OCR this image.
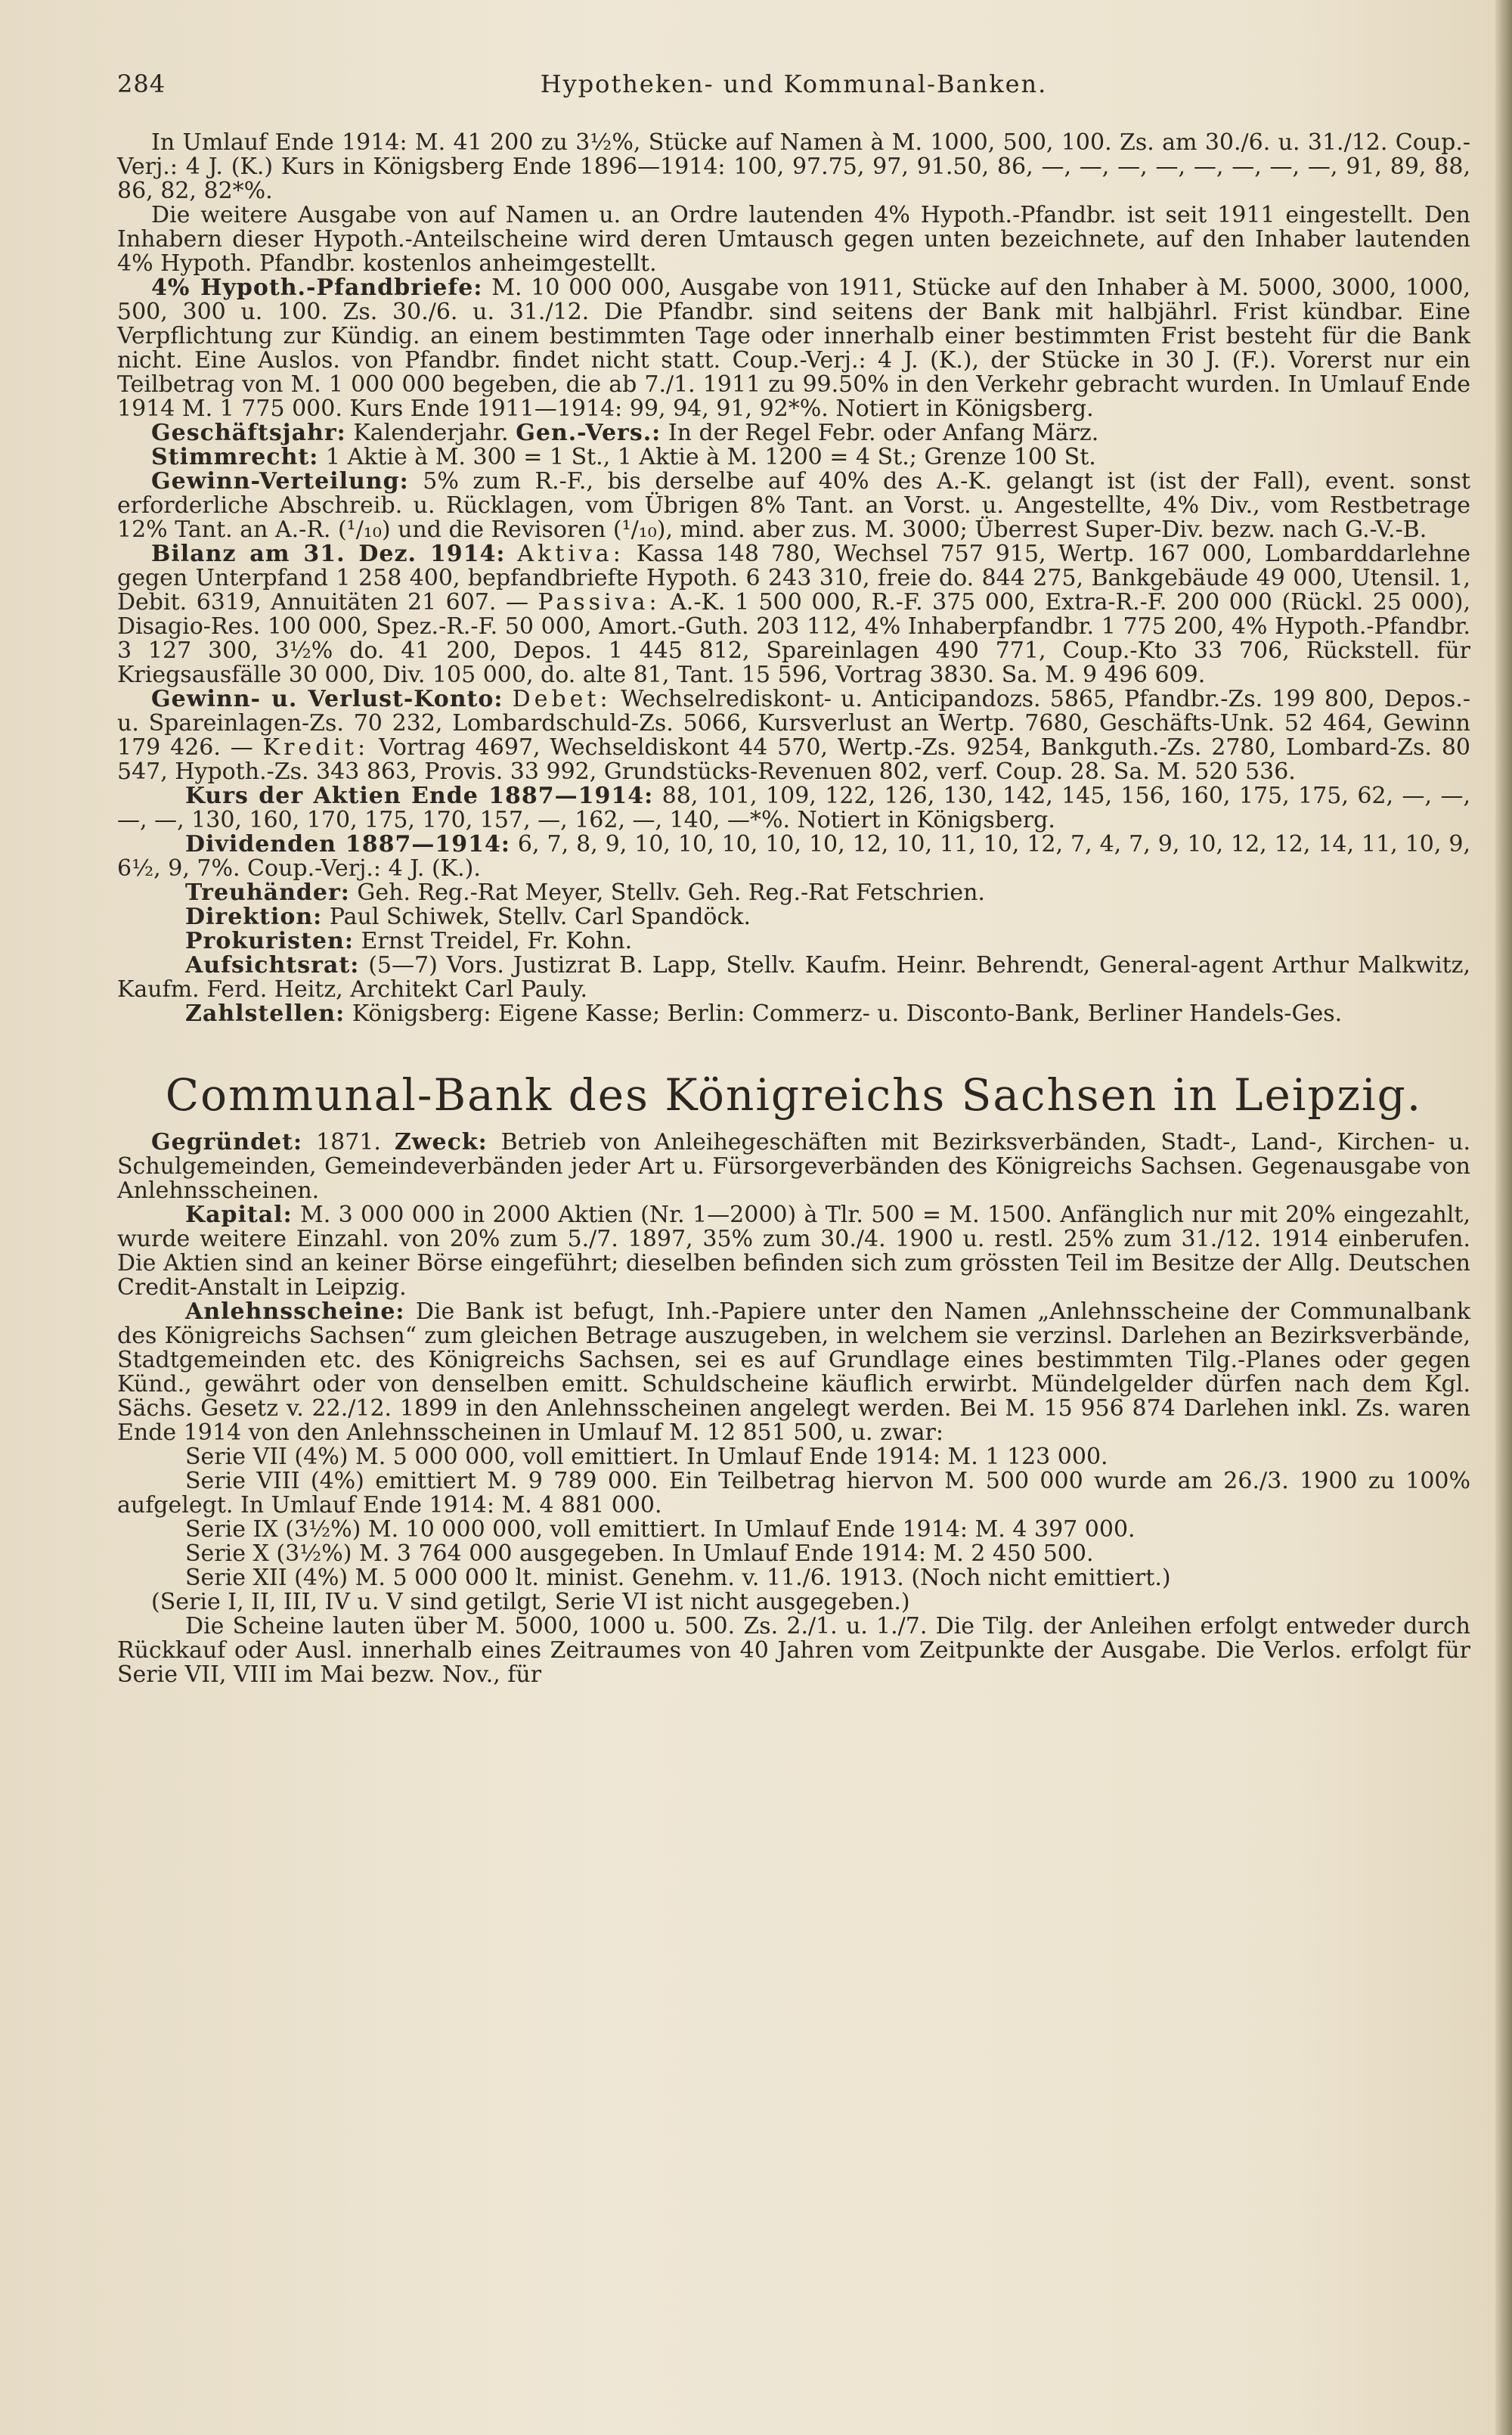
284	Hypotheken- und Kommunal-Banken.

In Umlauf Ende 1914: M. 41 200 zu 3½%, Stücke auf Namen à M. 1000, 500, 100. Zs. am 30./6. u. 31./12. Coup.-Verj.: 4 J. (K.) Kurs in Königsberg Ende 1896—1914: 100, 97.75, 97, 91.50, 86, —, —, —, —, —, —, —, —, 91, 89, 88, 86, 82, 82*%.

Die weitere Ausgabe von auf Namen u. an Ordre lautenden 4% Hypoth.-Pfandbr. ist seit 1911 eingestellt. Den Inhabern dieser Hypoth.-Anteilscheine wird deren Umtausch gegen unten bezeichnete, auf den Inhaber lautenden 4% Hypoth. Pfandbr. kostenlos anheimgestellt.

4% Hypoth.-Pfandbriefe: M. 10 000 000, Ausgabe von 1911, Stücke auf den Inhaber à M. 5000, 3000, 1000, 500, 300 u. 100. Zs. 30./6. u. 31./12. Die Pfandbr. sind seitens der Bank mit halbjährl. Frist kündbar. Eine Verpflichtung zur Kündig. an einem bestimmten Tage oder innerhalb einer bestimmten Frist besteht für die Bank nicht. Eine Auslos. von Pfandbr. findet nicht statt. Coup.-Verj.: 4 J. (K.), der Stücke in 30 J. (F.). Vorerst nur ein Teilbetrag von M. 1 000 000 begeben, die ab 7./1. 1911 zu 99.50% in den Verkehr gebracht wurden. In Umlauf Ende 1914 M. 1 775 000. Kurs Ende 1911—1914: 99, 94, 91, 92*%. Notiert in Königsberg.

Geschäftsjahr: Kalenderjahr. Gen.-Vers.: In der Regel Febr. oder Anfang März.

Stimmrecht: 1 Aktie à M. 300 = 1 St., 1 Aktie à M. 1200 = 4 St.; Grenze 100 St.

Gewinn-Verteilung: 5% zum R.-F., bis derselbe auf 40% des A.-K. gelangt ist (ist der Fall), event. sonst erforderliche Abschreib. u. Rücklagen, vom Übrigen 8% Tant. an Vorst. u. Angestellte, 4% Div., vom Restbetrage 12% Tant. an A.-R. (¹/₁₀) und die Revisoren (¹/₁₀), mind. aber zus. M. 3000; Überrest Super-Div. bezw. nach G.-V.-B.

Bilanz am 31. Dez. 1914: Aktiva: Kassa 148 780, Wechsel 757 915, Wertp. 167 000, Lombarddarlehne gegen Unterpfand 1 258 400, bepfandbriefte Hypoth. 6 243 310, freie do. 844 275, Bankgebäude 49 000, Utensil. 1, Debit. 6319, Annuitäten 21 607. — Passiva: A.-K. 1 500 000, R.-F. 375 000, Extra-R.-F. 200 000 (Rückl. 25 000), Disagio-Res. 100 000, Spez.-R.-F. 50 000, Amort.-Guth. 203 112, 4% Inhaberpfandbr. 1 775 200, 4% Hypoth.-Pfandbr. 3 127 300, 3½% do. 41 200, Depos. 1 445 812, Spareinlagen 490 771, Coup.-Kto 33 706, Rückstell. für Kriegsausfälle 30 000, Div. 105 000, do. alte 81, Tant. 15 596, Vortrag 3830. Sa. M. 9 496 609.

Gewinn- u. Verlust-Konto: Debet: Wechselrediskont- u. Anticipandozs. 5865, Pfandbr.-Zs. 199 800, Depos.- u. Spareinlagen-Zs. 70 232, Lombardschuld-Zs. 5066, Kursverlust an Wertp. 7680, Geschäfts-Unk. 52 464, Gewinn 179 426. — Kredit: Vortrag 4697, Wechseldiskont 44 570, Wertp.-Zs. 9254, Bankguth.-Zs. 2780, Lombard-Zs. 80 547, Hypoth.-Zs. 343 863, Provis. 33 992, Grundstücks-Revenuen 802, verf. Coup. 28. Sa. M. 520 536.

Kurs der Aktien Ende 1887—1914: 88, 101, 109, 122, 126, 130, 142, 145, 156, 160, 175, 175, 62, —, —, —, —, 130, 160, 170, 175, 170, 157, —, 162, —, 140, —*%. Notiert in Königsberg.

Dividenden 1887—1914: 6, 7, 8, 9, 10, 10, 10, 10, 10, 12, 10, 11, 10, 12, 7, 4, 7, 9, 10, 12, 12, 14, 11, 10, 9, 6½, 9, 7%. Coup.-Verj.: 4 J. (K.).

Treuhänder: Geh. Reg.-Rat Meyer, Stellv. Geh. Reg.-Rat Fetschrien.

Direktion: Paul Schiwek, Stellv. Carl Spandöck.

Prokuristen: Ernst Treidel, Fr. Kohn.

Aufsichtsrat: (5—7) Vors. Justizrat B. Lapp, Stellv. Kaufm. Heinr. Behrendt, General-agent Arthur Malkwitz, Kaufm. Ferd. Heitz, Architekt Carl Pauly.

Zahlstellen: Königsberg: Eigene Kasse; Berlin: Commerz- u. Disconto-Bank, Berliner Handels-Ges.

Communal-Bank des Königreichs Sachsen in Leipzig.

Gegründet: 1871. Zweck: Betrieb von Anleihegeschäften mit Bezirksverbänden, Stadt-, Land-, Kirchen- u. Schulgemeinden, Gemeindeverbänden jeder Art u. Fürsorgeverbänden des Königreichs Sachsen. Gegenausgabe von Anlehnsscheinen.

Kapital: M. 3 000 000 in 2000 Aktien (Nr. 1—2000) à Tlr. 500 = M. 1500. Anfänglich nur mit 20% eingezahlt, wurde weitere Einzahl. von 20% zum 5./7. 1897, 35% zum 30./4. 1900 u. restl. 25% zum 31./12. 1914 einberufen. Die Aktien sind an keiner Börse eingeführt; dieselben befinden sich zum grössten Teil im Besitze der Allg. Deutschen Credit-Anstalt in Leipzig.

Anlehnsscheine: Die Bank ist befugt, Inh.-Papiere unter den Namen „Anlehnsscheine der Communalbank des Königreichs Sachsen“ zum gleichen Betrage auszugeben, in welchem sie verzinsl. Darlehen an Bezirksverbände, Stadtgemeinden etc. des Königreichs Sachsen, sei es auf Grundlage eines bestimmten Tilg.-Planes oder gegen Künd., gewährt oder von denselben emitt. Schuldscheine käuflich erwirbt. Mündelgelder dürfen nach dem Kgl. Sächs. Gesetz v. 22./12. 1899 in den Anlehnsscheinen angelegt werden. Bei M. 15 956 874 Darlehen inkl. Zs. waren Ende 1914 von den Anlehnsscheinen in Umlauf M. 12 851 500, u. zwar:

Serie VII (4%) M. 5 000 000, voll emittiert. In Umlauf Ende 1914: M. 1 123 000.

Serie VIII (4%) emittiert M. 9 789 000. Ein Teilbetrag hiervon M. 500 000 wurde am 26./3. 1900 zu 100% aufgelegt. In Umlauf Ende 1914: M. 4 881 000.

Serie IX (3½%) M. 10 000 000, voll emittiert. In Umlauf Ende 1914: M. 4 397 000.

Serie X (3½%) M. 3 764 000 ausgegeben. In Umlauf Ende 1914: M. 2 450 500.

Serie XII (4%) M. 5 000 000 lt. minist. Genehm. v. 11./6. 1913. (Noch nicht emittiert.)

(Serie I, II, III, IV u. V sind getilgt, Serie VI ist nicht ausgegeben.)

Die Scheine lauten über M. 5000, 1000 u. 500. Zs. 2./1. u. 1./7. Die Tilg. der Anleihen erfolgt entweder durch Rückkauf oder Ausl. innerhalb eines Zeitraumes von 40 Jahren vom Zeitpunkte der Ausgabe. Die Verlos. erfolgt für Serie VII, VIII im Mai bezw. Nov., für
